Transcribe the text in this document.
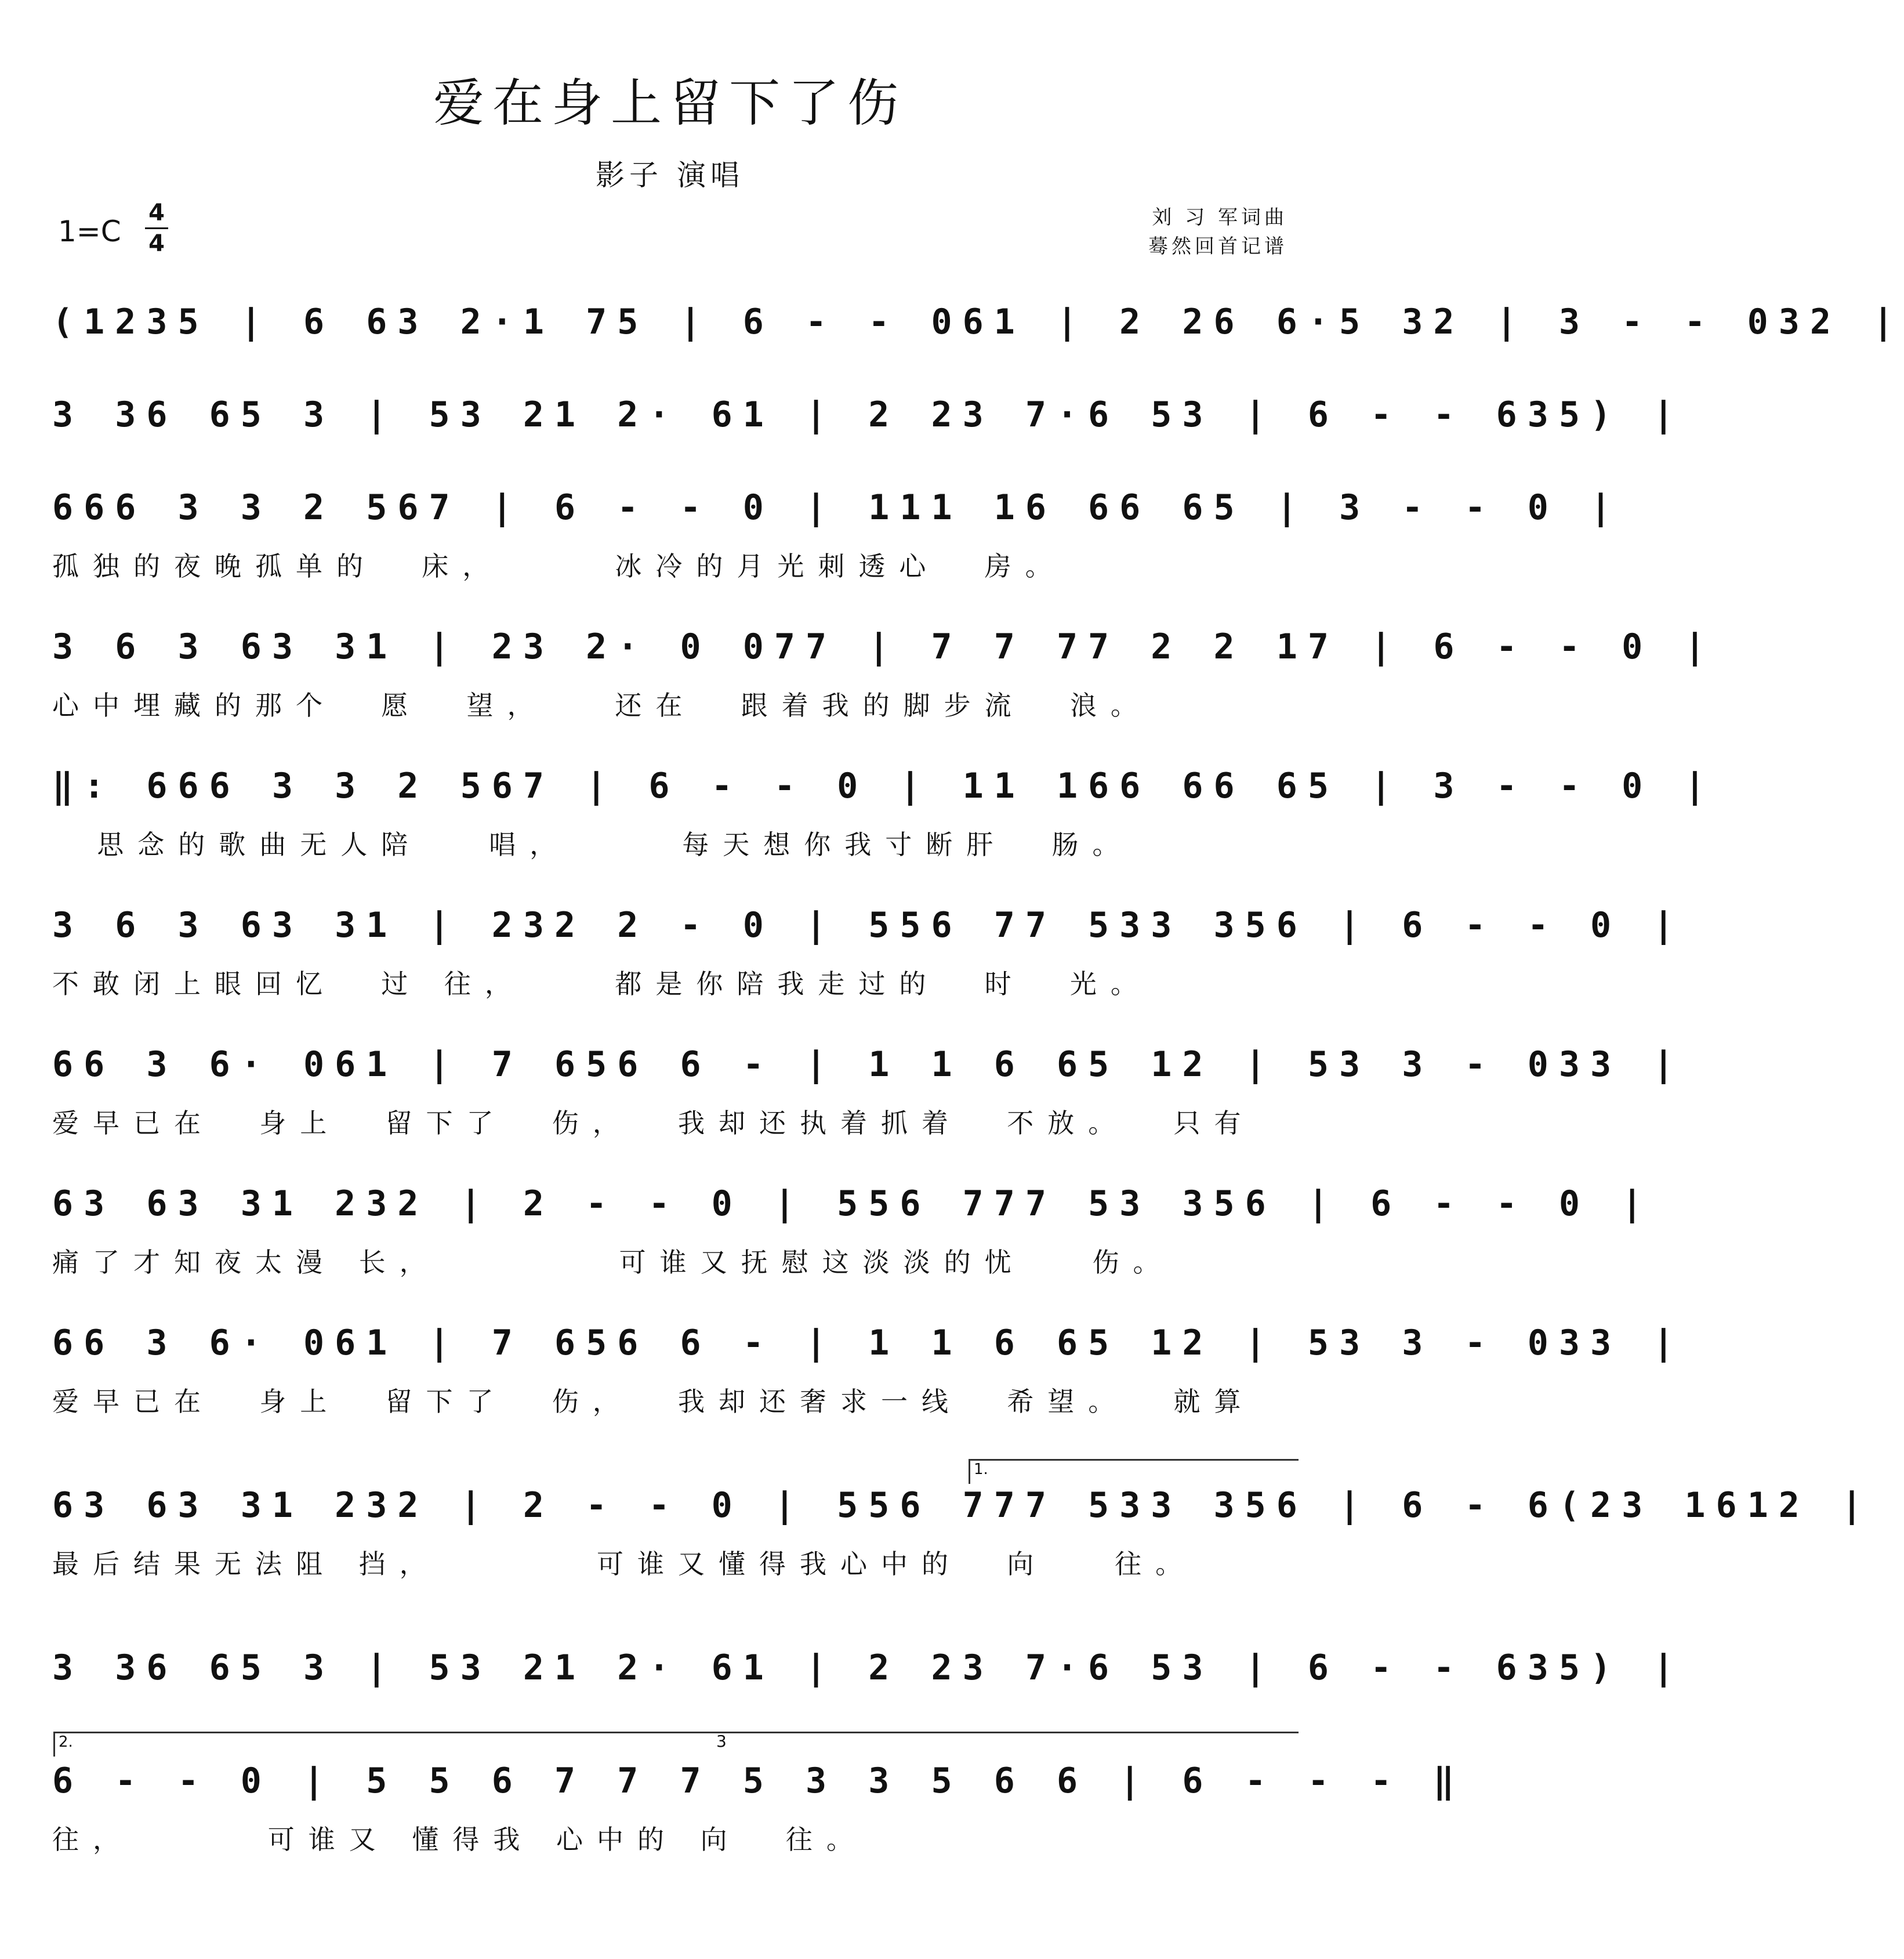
爱在身上留下了伤
影子 演唱
1=C
4
4
刘 习 军词曲
蓦然回首记谱
(1235 | 6 63 2·1 75 | 6 - - 061 | 2 26 6·5 32 | 3 - - 032 |
3 36 65 3 | 53 21 2· 61 | 2 23 7·6 53 | 6 - - 635) |
666 3 3 2 567 | 6 - - 0 | 111 16 66 65 | 3 - - 0 |
孤独的夜晚孤单的  床，     冰冷的月光刺透心  房。
3 6 3 63 31 | 23 2· 0 077 | 7 7 77 2 2 17 | 6 - - 0 |
心中埋藏的那个  愿  望，   还在  跟着我的脚步流  浪。
‖: 666 3 3 2 567 | 6 - - 0 | 11 166 66 65 | 3 - - 0 |
思念的歌曲无人陪   唱，     每天想你我寸断肝  肠。
3 6 3 63 31 | 232 2 - 0 | 556 77 533 356 | 6 - - 0 |
不敢闭上眼回忆  过 往，    都是你陪我走过的  时  光。
66 3 6· 061 | 7 656 6 - | 1 1 6 65 12 | 53 3 - 033 |
爱早已在  身上  留下了  伤，  我却还执着抓着  不放。  只有
63 63 31 232 | 2 - - 0 | 556 777 53 356 | 6 - - 0 |
痛了才知夜太漫 长，        可谁又抚慰这淡淡的忧   伤。
66 3 6· 061 | 7 656 6 - | 1 1 6 65 12 | 53 3 - 033 |
爱早已在  身上  留下了  伤，  我却还奢求一线  希望。  就算
1.
63 63 31 232 | 2 - - 0 | 556 777 533 356 | 6 - 6(23 1612 |
最后结果无法阻 挡，       可谁又懂得我心中的  向   往。
3 36 65 3 | 53 21 2· 61 | 2 23 7·6 53 | 6 - - 635) |
2.	3
6 - - 0 | 5 5 6 7 7 7 5 3 3 5 6 6 | 6 - - - ‖
往，      可谁又 懂得我 心中的 向  往。
